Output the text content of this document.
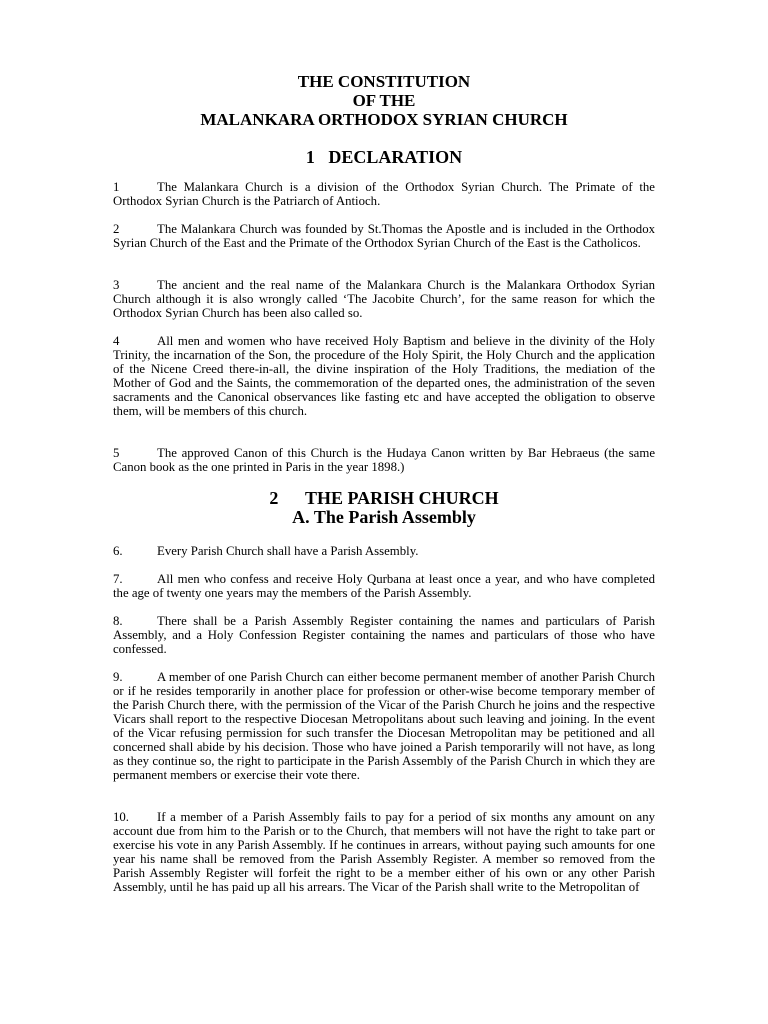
THE CONSTITUTION
OF THE
MALANKARA ORTHODOX SYRIAN CHURCH
1   DECLARATION
1	The Malankara Church is a division of the Orthodox Syrian Church. The Primate of the Orthodox Syrian Church is the Patriarch of Antioch.
2	The Malankara Church was founded by St.Thomas the Apostle and is included in the Orthodox Syrian Church of the East and the Primate of the Orthodox Syrian Church of the East is the Catholicos.
3	The ancient and the real name of the Malankara Church is the Malankara Orthodox Syrian Church although it is also wrongly called ‘The Jacobite Church’, for the same reason for which the Orthodox Syrian Church has been also called so.
4	All men and women who have received Holy Baptism and believe in the divinity of the Holy Trinity, the incarnation of the Son, the procedure of the Holy Spirit, the Holy Church and the application of the Nicene Creed there-in-all, the divine inspiration of the Holy Traditions, the mediation of the Mother of God and the Saints, the commemoration of the departed ones, the administration of the seven sacraments and the Canonical observances like fasting etc and have accepted the obligation to observe them, will be members of this church.
5	The approved Canon of this Church is the Hudaya Canon written by Bar Hebraeus (the same Canon book as the one printed in Paris in the year 1898.)
2      THE PARISH CHURCH
A. The Parish Assembly
6.	Every Parish Church shall have a Parish Assembly.
7.	All men who confess and receive Holy Qurbana at least once a year, and who have completed the age of twenty one years may the members of the Parish Assembly.
8.	There shall be a Parish Assembly Register containing the names and particulars of Parish Assembly, and a Holy Confession Register containing the names and particulars of those who have confessed.
9.	A member of one Parish Church can either become permanent member of another Parish Church or if he resides temporarily in another place for profession or other-wise become temporary member of the Parish Church there, with the permission of the Vicar of the Parish Church he joins and the respective Vicars shall report to the respective Diocesan Metropolitans about such leaving and joining. In the event of the Vicar refusing permission for such transfer the Diocesan Metropolitan may be petitioned and all concerned shall abide by his decision. Those who have joined a Parish temporarily will not have, as long as they continue so, the right to participate in the Parish Assembly of the Parish Church in which they are permanent members or exercise their vote there.
10. If a member of a Parish Assembly fails to pay for a period of six months any amount on any account due from him to the Parish or to the Church, that members will not have the right to take part or exercise his vote in any Parish Assembly. If he continues in arrears, without paying such amounts for one year his name shall be removed from the Parish Assembly Register. A member so removed from the Parish Assembly Register will forfeit the right to be a member either of his own or any other Parish Assembly, until he has paid up all his arrears. The Vicar of the Parish shall write to the Metropolitan of
